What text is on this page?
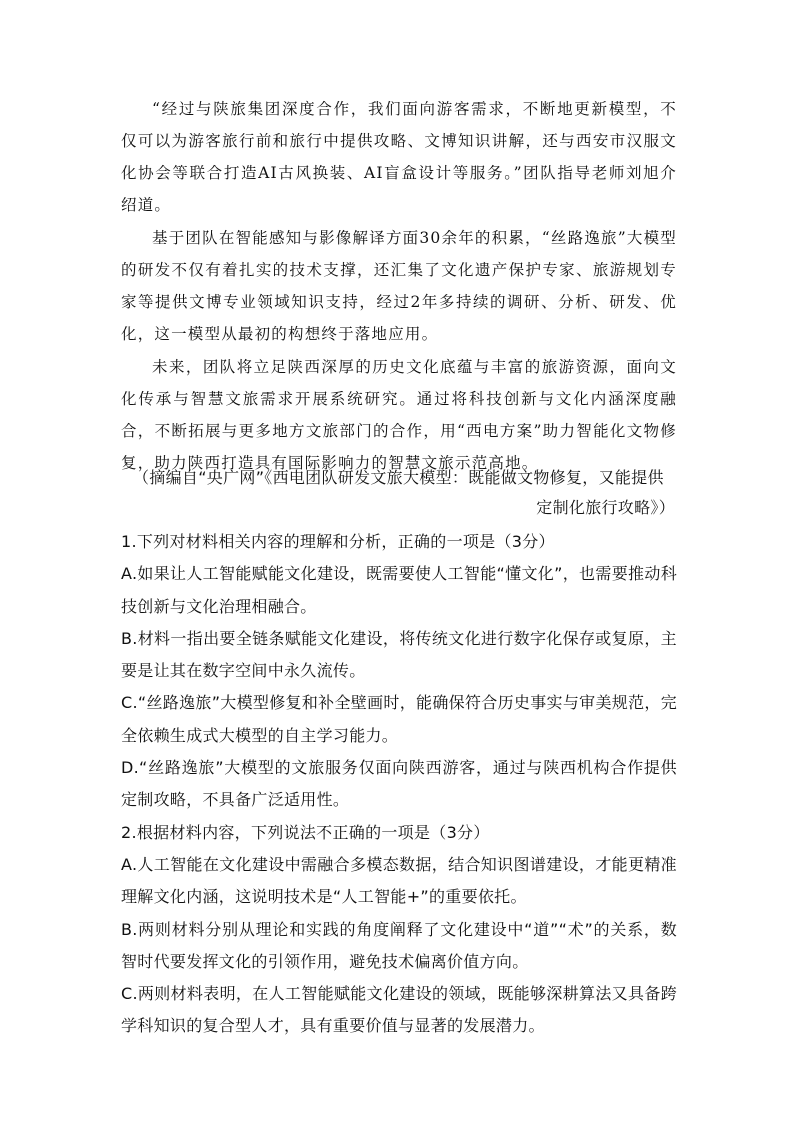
“经过与陕旅集团深度合作，我们面向游客需求，不断地更新模型，不仅可以为游客旅行前和旅行中提供攻略、文博知识讲解，还与西安市汉服文化协会等联合打造AI古风换装、AI盲盒设计等服务。”团队指导老师刘旭介绍道。

基于团队在智能感知与影像解译方面30余年的积累，“丝路逸旅”大模型的研发不仅有着扎实的技术支撑，还汇集了文化遗产保护专家、旅游规划专家等提供文博专业领域知识支持，经过2年多持续的调研、分析、研发、优化，这一模型从最初的构想终于落地应用。

未来，团队将立足陕西深厚的历史文化底蕴与丰富的旅游资源，面向文化传承与智慧文旅需求开展系统研究。通过将科技创新与文化内涵深度融合，不断拓展与更多地方文旅部门的合作，用“西电方案”助力智能化文物修复，助力陕西打造具有国际影响力的智慧文旅示范高地。

（摘编自“央广网”《西电团队研发文旅大模型：既能做文物修复，又能提供
定制化旅行攻略》）
1.下列对材料相关内容的理解和分析，正确的一项是（3分）
A.如果让人工智能赋能文化建设，既需要使人工智能“懂文化”，也需要推动科技创新与文化治理相融合。
B.材料一指出要全链条赋能文化建设，将传统文化进行数字化保存或复原，主要是让其在数字空间中永久流传。
C.“丝路逸旅”大模型修复和补全壁画时，能确保符合历史事实与审美规范，完全依赖生成式大模型的自主学习能力。
D.“丝路逸旅”大模型的文旅服务仅面向陕西游客，通过与陕西机构合作提供定制攻略，不具备广泛适用性。
2.根据材料内容，下列说法不正确的一项是（3分）
A.人工智能在文化建设中需融合多模态数据，结合知识图谱建设，才能更精准理解文化内涵，这说明技术是“人工智能+”的重要依托。
B.两则材料分别从理论和实践的角度阐释了文化建设中“道”“术”的关系，数智时代要发挥文化的引领作用，避免技术偏离价值方向。
C.两则材料表明，在人工智能赋能文化建设的领域，既能够深耕算法又具备跨学科知识的复合型人才，具有重要价值与显著的发展潜力。
